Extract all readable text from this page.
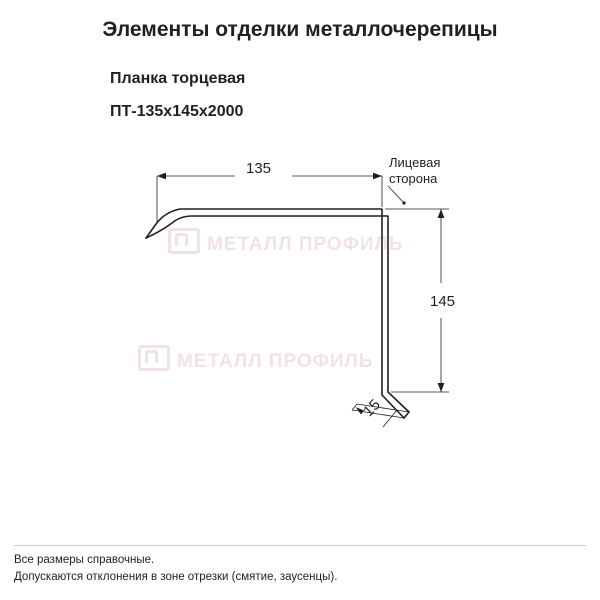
Элементы отделки металлочерепицы
Планка торцевая
ПТ-135x145x2000
МЕТАЛЛ ПРОФИЛЬ
МЕТАЛЛ ПРОФИЛЬ
135
145
15
Лицевая
сторона
Все размеры справочные.
Допускаются отклонения в зоне отрезки (смятие, заусенцы).
